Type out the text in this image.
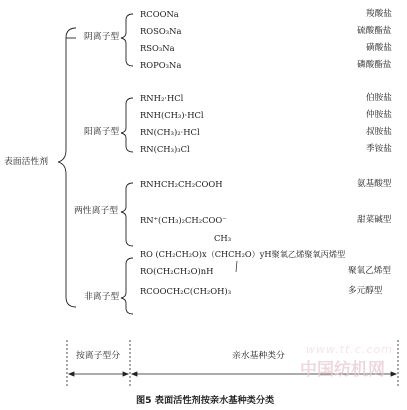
表面活性剂
阴离子型
阳离子型
两性离子型
非离子型
RCOONa	羧酸盐
ROSO₃Na	硫酸酯盐
RSO₃Na	磺酸盐
ROPO₃Na	磷酸酯盐
RNH₂·HCl	伯胺盐
RNH(CH₃)·HCl	仲胺盐
RN(CH₃)₂·HCl	叔胺盐
RN(CH₃)₃Cl	季铵盐
RNHCH₂CH₂COOH	氨基酸型
RN⁺(CH₃)₂CH₂COO⁻	甜菜碱型
RO (CH₂CH₂O)x（CHCH₂O）yH聚氧乙烯聚氧丙烯型
CH₃
RO(CH₂CH₂O)nH	聚氧乙烯型
RCOOCH₂C(CH₂OH)₃	多元醇型
按离子型分	亲水基种类分 www.tt.c.com
中国纺机网
图5 表面活性剂按亲水基种类分类
